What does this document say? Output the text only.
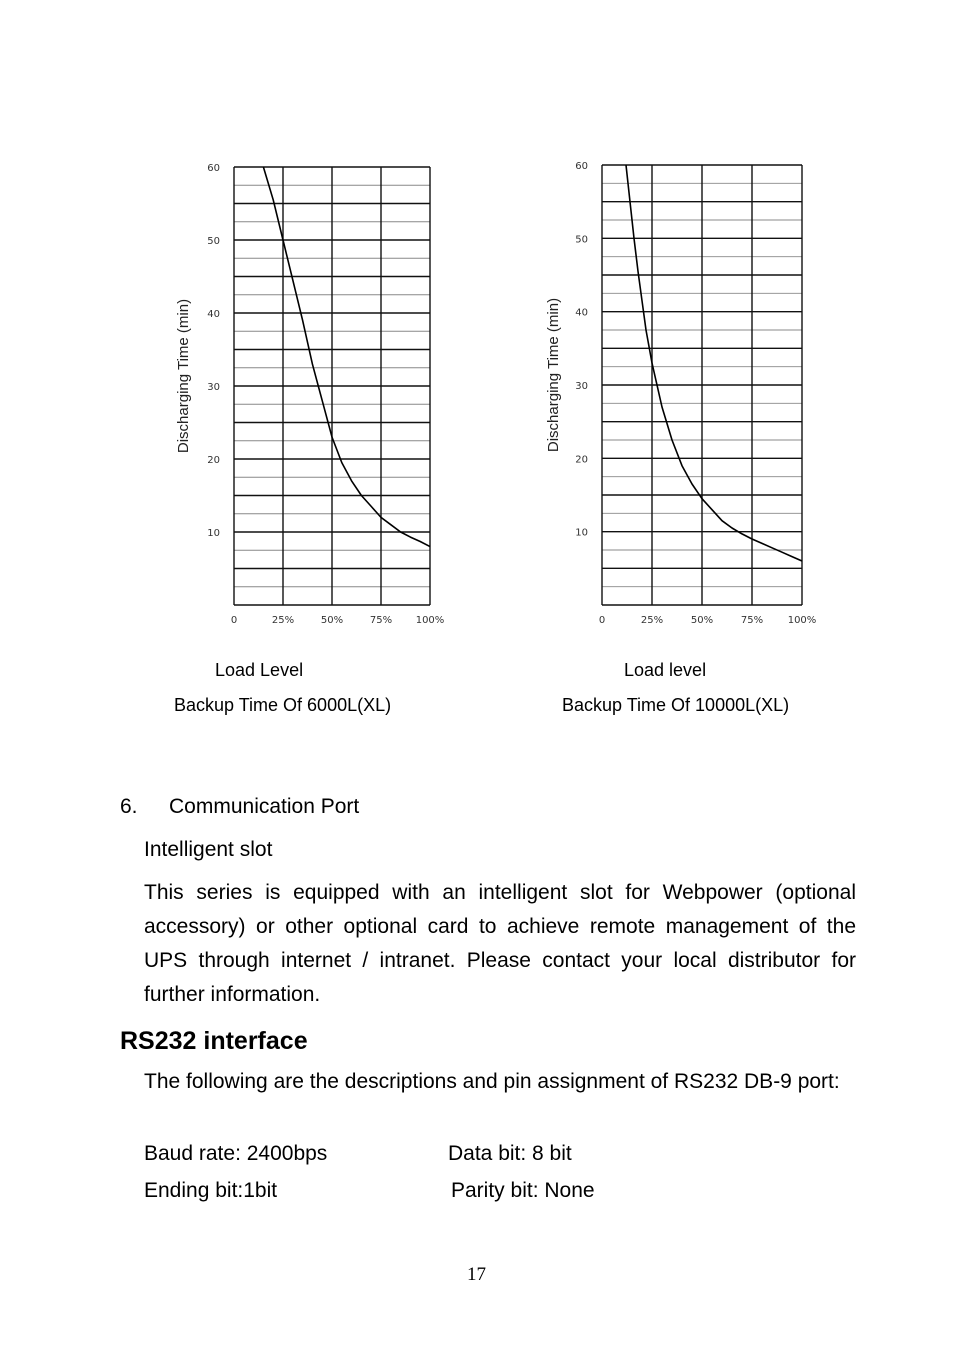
10
20
30
40
50
60
0	25%	50%	75% 100%
Discharging Time (min)
Load Level
Backup Time Of 6000L(XL)
10
20
30
40
50
60
0	25%	50%	75% 100%
Discharging Time (min)
Load level
Backup Time Of 10000L(XL)
6. Communication Port
Intelligent slot
This series is equipped with an intelligent slot for Webpower (optional accessory) or other optional card to achieve remote management of the UPS through internet / intranet. Please contact your local distributor for further information.
RS232 interface
The following are the descriptions and pin assignment of RS232 DB-9 port:
Baud rate: 2400bps	Data bit: 8 bit
Ending bit:1bit	Parity bit: None
17
